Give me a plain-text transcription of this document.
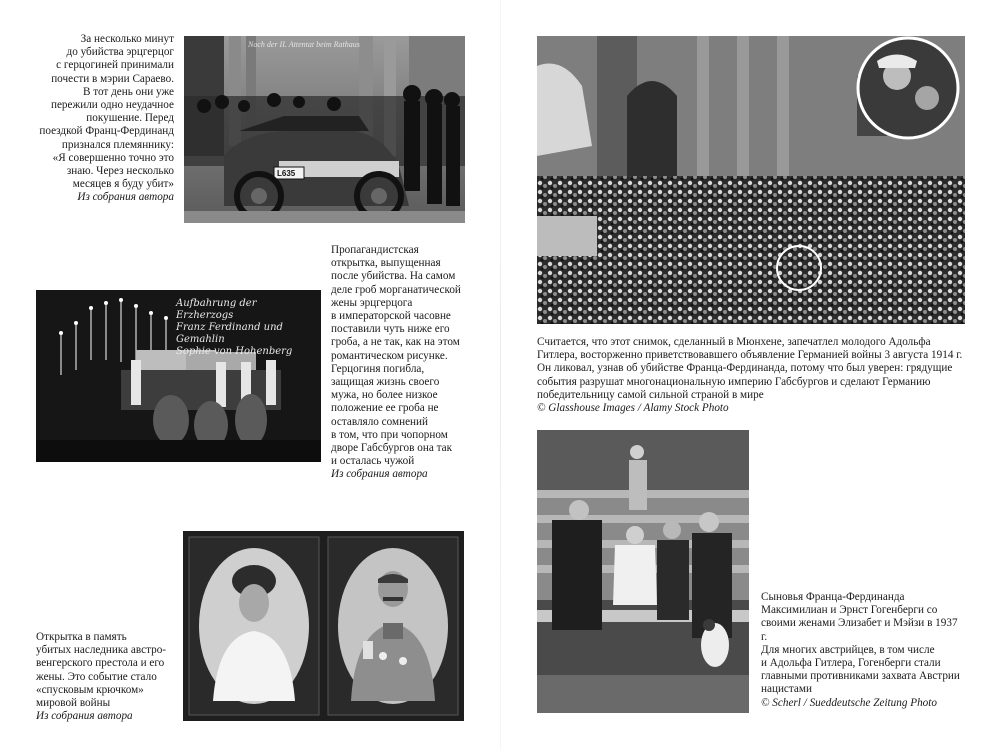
За несколько минут

до убийства эрцгерцог

с герцогиней принимали

почести в мэрии Сараево.

В тот день они уже

пережили одно неудачное

покушение. Перед

поездкой Франц-Фердинанд

признался племяннику:

«Я совершенно точно это

знаю. Через несколько

месяцев я буду убит»

Из собрания автора

Noch der II. Attentat beim Rathaus
L635

Пропагандистская

открытка, выпущенная

после убийства. На самом

деле гроб морганатической

жены эрцгерцога

в императорской часовне

поставили чуть ниже его

гроба, а не так, как на этом

романтическом рисунке.

Герцогиня погибла,

защищая жизнь своего

мужа, но более низкое

положение ее гроба не

оставляло сомнений

в том, что при чопорном

дворе Габсбургов она так

и осталась чужой

Из собрания автора

Aufbahrung der Erzherzogs
Franz Ferdinand und Gemahlin
Sophie von Hohenberg

Открытка в память

убитых наследника австро-

венгерского престола и его

жены. Это событие стало

«спусковым крючком»

мировой войны

Из собрания автора

Считается, что этот снимок, сделанный в Мюнхене, запечатлел молодого Адольфа

Гитлера, восторженно приветствовавшего объявление Германией войны 3 августа 1914 г.

Он ликовал, узнав об убийстве Франца-Фердинанда, потому что был уверен: грядущие

события разрушат многонациональную империю Габсбургов и сделают Германию

победительницу самой сильной страной в мире

© Glasshouse Images / Alamy Stock Photo

Сыновья Франца-Фердинанда

Максимилиан и Эрнст Гогенберги со

своими женами Элизабет и Мэйзи в 1937 г.

Для многих австрийцев, в том числе

и Адольфа Гитлера, Гогенберги стали

главными противниками захвата Австрии

нацистами

© Scherl / Sueddeutsche Zeitung Photo
